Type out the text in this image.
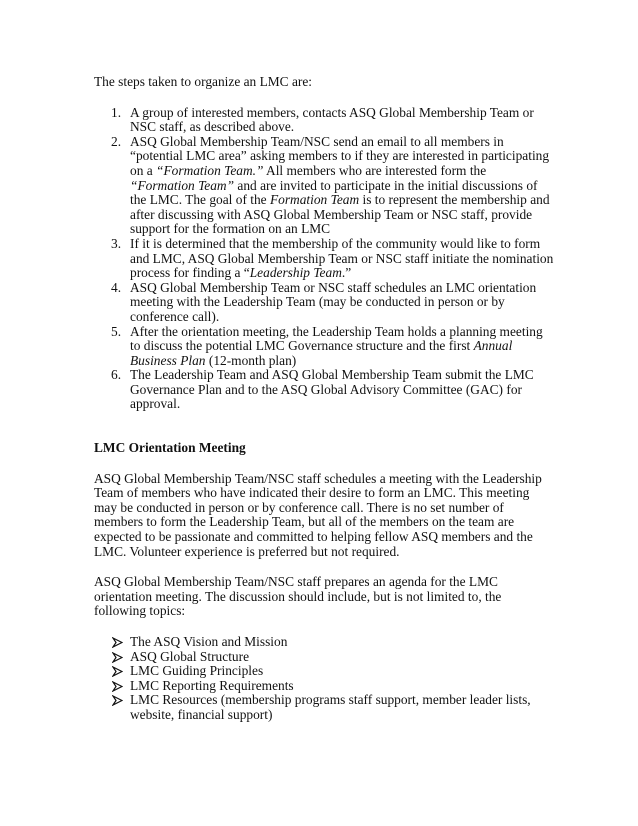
The steps taken to organize an LMC are:

1. A group of interested members, contacts ASQ Global Membership Team or NSC staff, as described above.
2. ASQ Global Membership Team/NSC send an email to all members in “potential LMC area” asking members to if they are interested in participating on a “Formation Team.” All members who are interested form the “Formation Team” and are invited to participate in the initial discussions of the LMC. The goal of the Formation Team is to represent the membership and after discussing with ASQ Global Membership Team or NSC staff, provide support for the formation on an LMC
3. If it is determined that the membership of the community would like to form and LMC, ASQ Global Membership Team or NSC staff initiate the nomination process for finding a “Leadership Team.”
4. ASQ Global Membership Team or NSC staff schedules an LMC orientation meeting with the Leadership Team (may be conducted in person or by conference call).
5. After the orientation meeting, the Leadership Team holds a planning meeting to discuss the potential LMC Governance structure and the first Annual Business Plan (12-month plan)
6. The Leadership Team and ASQ Global Membership Team submit the LMC Governance Plan and to the ASQ Global Advisory Committee (GAC) for approval.

LMC Orientation Meeting

ASQ Global Membership Team/NSC staff schedules a meeting with the Leadership Team of members who have indicated their desire to form an LMC. This meeting may be conducted in person or by conference call. There is no set number of members to form the Leadership Team, but all of the members on the team are expected to be passionate and committed to helping fellow ASQ members and the LMC. Volunteer experience is preferred but not required.

ASQ Global Membership Team/NSC staff prepares an agenda for the LMC orientation meeting. The discussion should include, but is not limited to, the following topics:

The ASQ Vision and Mission
ASQ Global Structure
LMC Guiding Principles
LMC Reporting Requirements
LMC Resources (membership programs staff support, member leader lists, website, financial support)
